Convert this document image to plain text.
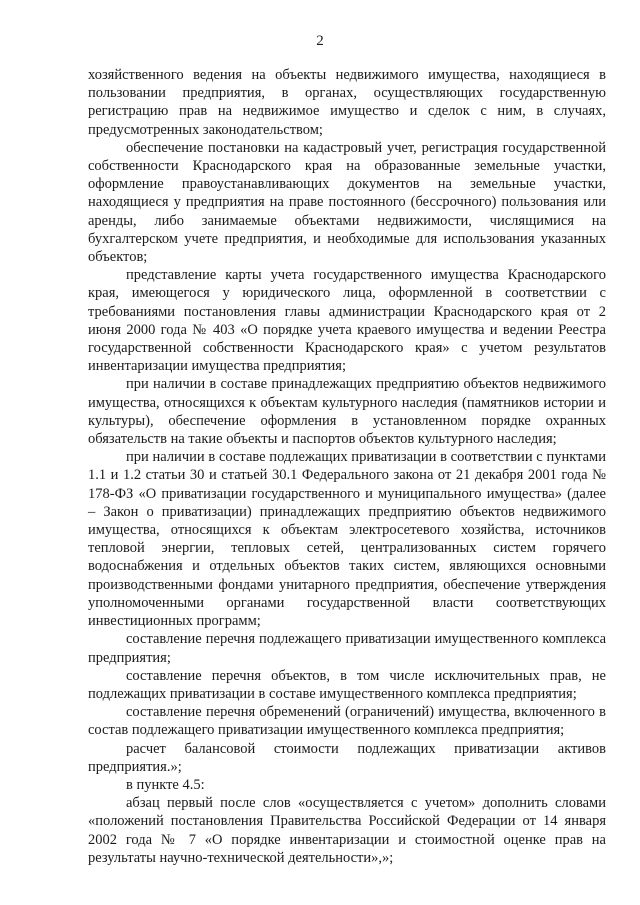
2

хозяйственного ведения на объекты недвижимого имущества, находящиеся в пользовании предприятия, в органах, осуществляющих государственную регистрацию прав на недвижимое имущество и сделок с ним, в случаях, предусмотренных законодательством;

обеспечение постановки на кадастровый учет, регистрация государственной собственности Краснодарского края на образованные земельные участки, оформление правоустанавливающих документов на земельные участки, находящиеся у предприятия на праве постоянного (бессрочного) пользования или аренды, либо занимаемые объектами недвижимости, числящимися на бухгалтерском учете предприятия, и необходимые для использования указанных объектов;

представление карты учета государственного имущества Краснодарского края, имеющегося у юридического лица, оформленной в соответствии с требованиями постановления главы администрации Краснодарского края от 2 июня 2000 года № 403 «О порядке учета краевого имущества и ведении Реестра государственной собственности Краснодарского края» с учетом результатов инвентаризации имущества предприятия;

при наличии в составе принадлежащих предприятию объектов недвижимого имущества, относящихся к объектам культурного наследия (памятников истории и культуры), обеспечение оформления в установленном порядке охранных обязательств на такие объекты и паспортов объектов культурного наследия;

при наличии в составе подлежащих приватизации в соответствии с пунктами 1.1 и 1.2 статьи 30 и статьей 30.1 Федерального закона от 21 декабря 2001 года № 178-ФЗ «О приватизации государственного и муниципального имущества» (далее – Закон о приватизации) принадлежащих предприятию объектов недвижимого имущества, относящихся к объектам электросетевого хозяйства, источников тепловой энергии, тепловых сетей, централизованных систем горячего водоснабжения и отдельных объектов таких систем, являющихся основными производственными фондами унитарного предприятия, обеспечение утверждения уполномоченными органами государственной власти соответствующих инвестиционных программ;

составление перечня подлежащего приватизации имущественного комплекса предприятия;

составление перечня объектов, в том числе исключительных прав, не подлежащих приватизации в составе имущественного комплекса предприятия;

составление перечня обременений (ограничений) имущества, включенного в состав подлежащего приватизации имущественного комплекса предприятия;

расчет балансовой стоимости подлежащих приватизации активов предприятия.»;

в пункте 4.5:

абзац первый после слов «осуществляется с учетом» дополнить словами «положений постановления Правительства Российской Федерации от 14 января 2002 года № 7 «О порядке инвентаризации и стоимостной оценке прав на результаты научно-технической деятельности»,»;
